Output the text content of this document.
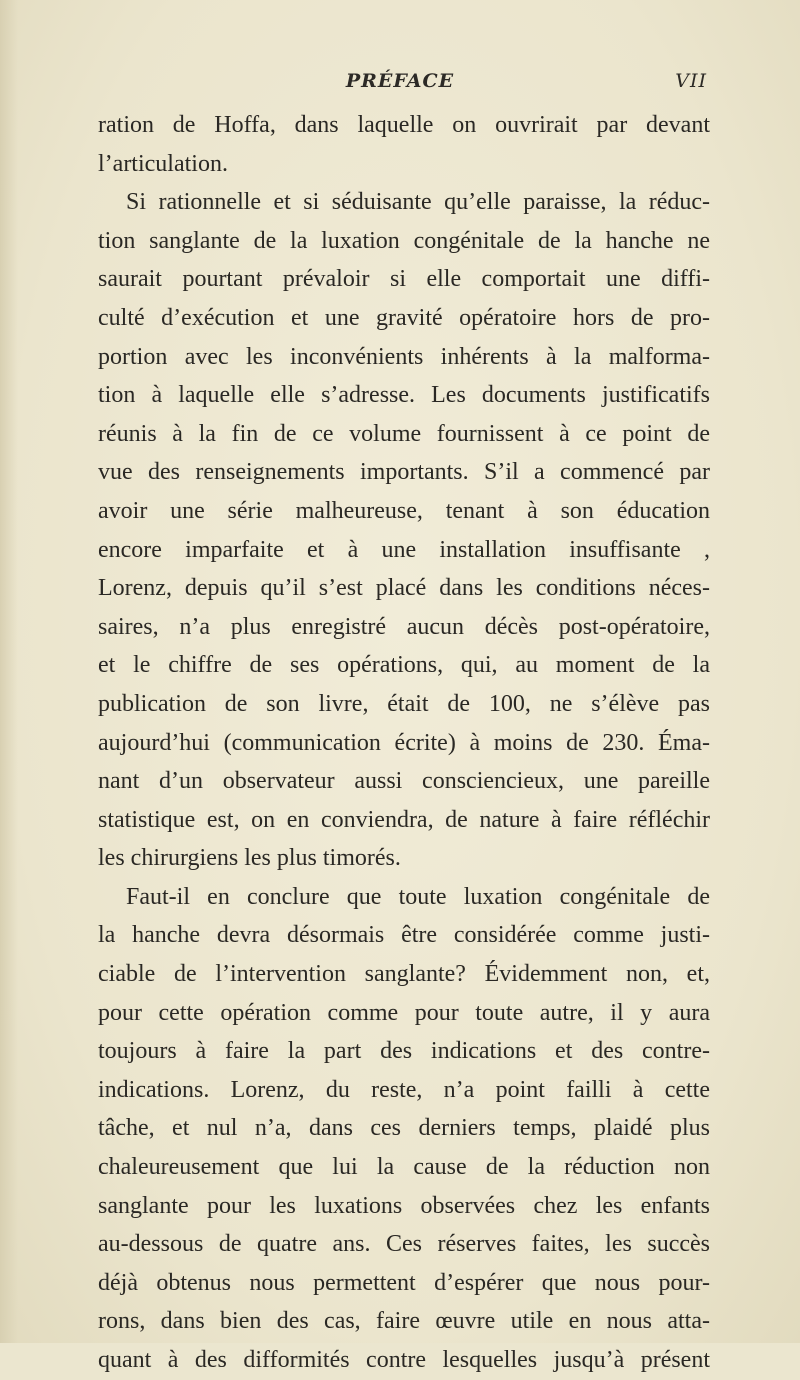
PRÉFACE	VII
ration de Hoffa, dans laquelle on ouvrirait par devant
l’articulation.
Si rationnelle et si séduisante qu’elle paraisse, la réduc-
tion sanglante de la luxation congénitale de la hanche ne
saurait pourtant prévaloir si elle comportait une diffi-
culté d’exécution et une gravité opératoire hors de pro-
portion avec les inconvénients inhérents à la malforma-
tion à laquelle elle s’adresse. Les documents justificatifs
réunis à la fin de ce volume fournissent à ce point de
vue des renseignements importants. S’il a commencé par
avoir une série malheureuse, tenant à son éducation
encore imparfaite et à une installation insuffisante ,
Lorenz, depuis qu’il s’est placé dans les conditions néces-
saires, n’a plus enregistré aucun décès post-opératoire,
et le chiffre de ses opérations, qui, au moment de la
publication de son livre, était de 100, ne s’élève pas
aujourd’hui (communication écrite) à moins de 230. Éma-
nant d’un observateur aussi consciencieux, une pareille
statistique est, on en conviendra, de nature à faire réfléchir
les chirurgiens les plus timorés.
Faut-il en conclure que toute luxation congénitale de
la hanche devra désormais être considérée comme justi-
ciable de l’intervention sanglante? Évidemment non, et,
pour cette opération comme pour toute autre, il y aura
toujours à faire la part des indications et des contre-
indications. Lorenz, du reste, n’a point failli à cette
tâche, et nul n’a, dans ces derniers temps, plaidé plus
chaleureusement que lui la cause de la réduction non
sanglante pour les luxations observées chez les enfants
au-dessous de quatre ans. Ces réserves faites, les succès
déjà obtenus nous permettent d’espérer que nous pour-
rons, dans bien des cas, faire œuvre utile en nous atta-
quant à des difformités contre lesquelles jusqu’à présent
